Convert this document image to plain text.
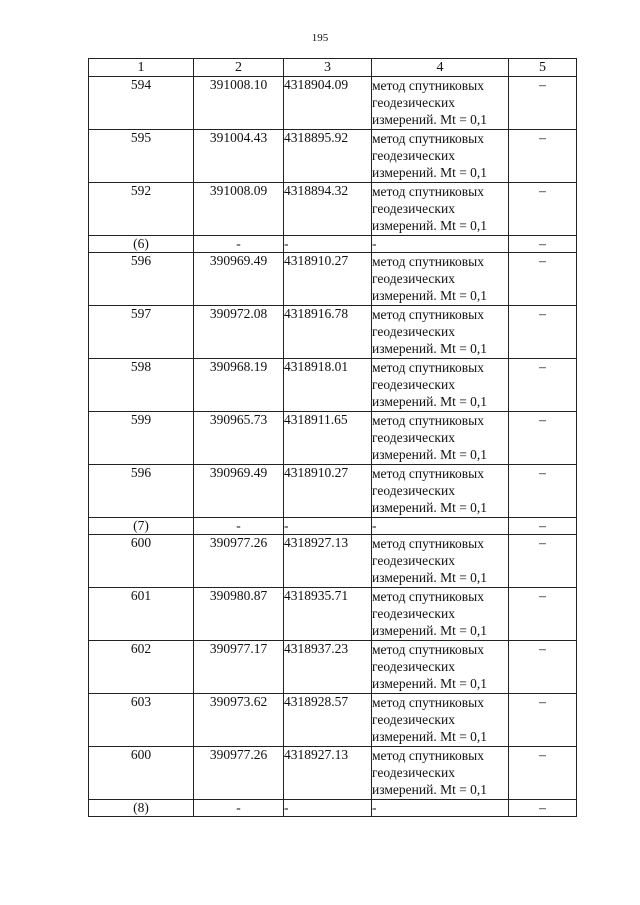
195
1	2	3	4	5
594	391008.10	4318904.09	метод спутниковых
геодезических
измерений. Mt = 0,1	–
595	391004.43	4318895.92	метод спутниковых
геодезических
измерений. Mt = 0,1	–
592	391008.09	4318894.32	метод спутниковых
геодезических
измерений. Mt = 0,1	–
(6)	-	-	-	–
596	390969.49	4318910.27	метод спутниковых
геодезических
измерений. Mt = 0,1	–
597	390972.08	4318916.78	метод спутниковых
геодезических
измерений. Mt = 0,1	–
598	390968.19	4318918.01	метод спутниковых
геодезических
измерений. Mt = 0,1	–
599	390965.73	4318911.65	метод спутниковых
геодезических
измерений. Mt = 0,1	–
596	390969.49	4318910.27	метод спутниковых
геодезических
измерений. Mt = 0,1	–
(7)	-	-	-	–
600	390977.26	4318927.13	метод спутниковых
геодезических
измерений. Mt = 0,1	–
601	390980.87	4318935.71	метод спутниковых
геодезических
измерений. Mt = 0,1	–
602	390977.17	4318937.23	метод спутниковых
геодезических
измерений. Mt = 0,1	–
603	390973.62	4318928.57	метод спутниковых
геодезических
измерений. Mt = 0,1	–
600	390977.26	4318927.13	метод спутниковых
геодезических
измерений. Mt = 0,1	–
(8)	-	-	-	–
